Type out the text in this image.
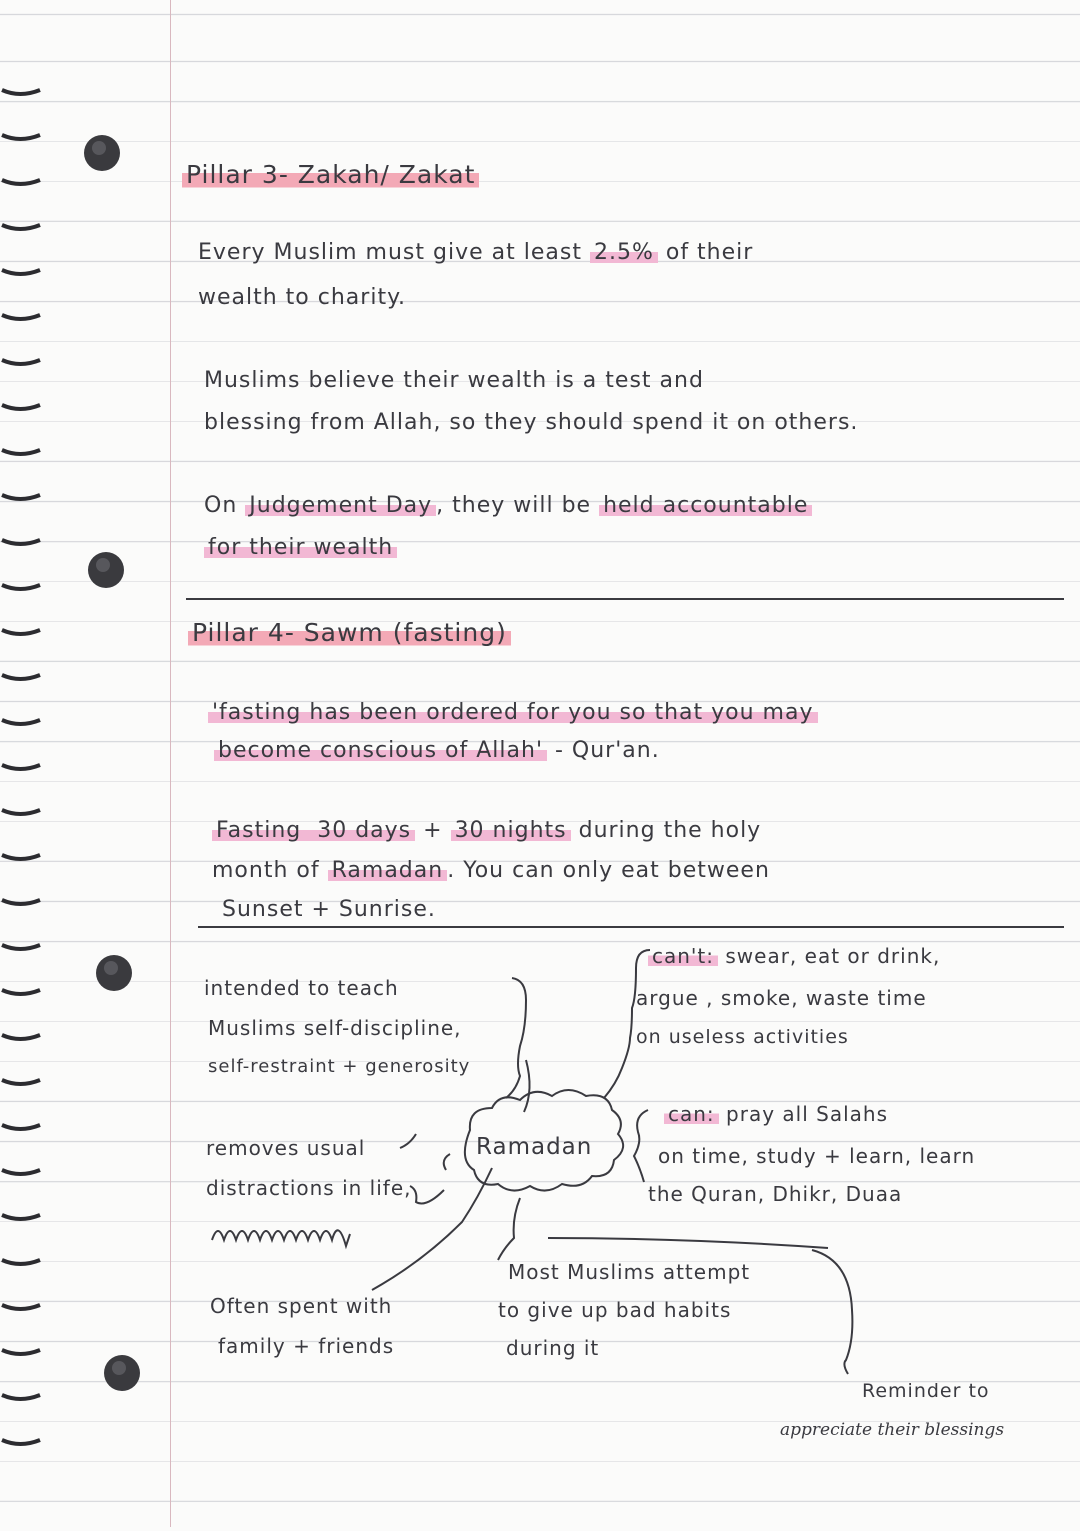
Pillar 3- Zakah/ Zakat
Every Muslim must give at least 2.5% of their
wealth to charity.
Muslims believe their wealth is a test and
blessing from Allah, so they should spend it on others.
On Judgement Day , they will be held accountable
for their wealth
Pillar 4- Sawm (fasting)
'fasting has been ordered for you so that you may
become conscious of Allah' - Qur'an.
Fasting 30 days + 30 nights during the holy
month of Ramadan . You can only eat between
Sunset + Sunrise.
Ramadan
intended to teach
Muslims self-discipline,
self-restraint + generosity
removes usual
distractions in life,
Often spent with
family + friends
can't: swear, eat or drink,
argue , smoke, waste time
on useless activities
can: pray all Salahs
on time, study + learn, learn
the Quran, Dhikr, Duaa
Most Muslims attempt
to give up bad habits
during it
Reminder to
appreciate their blessings
